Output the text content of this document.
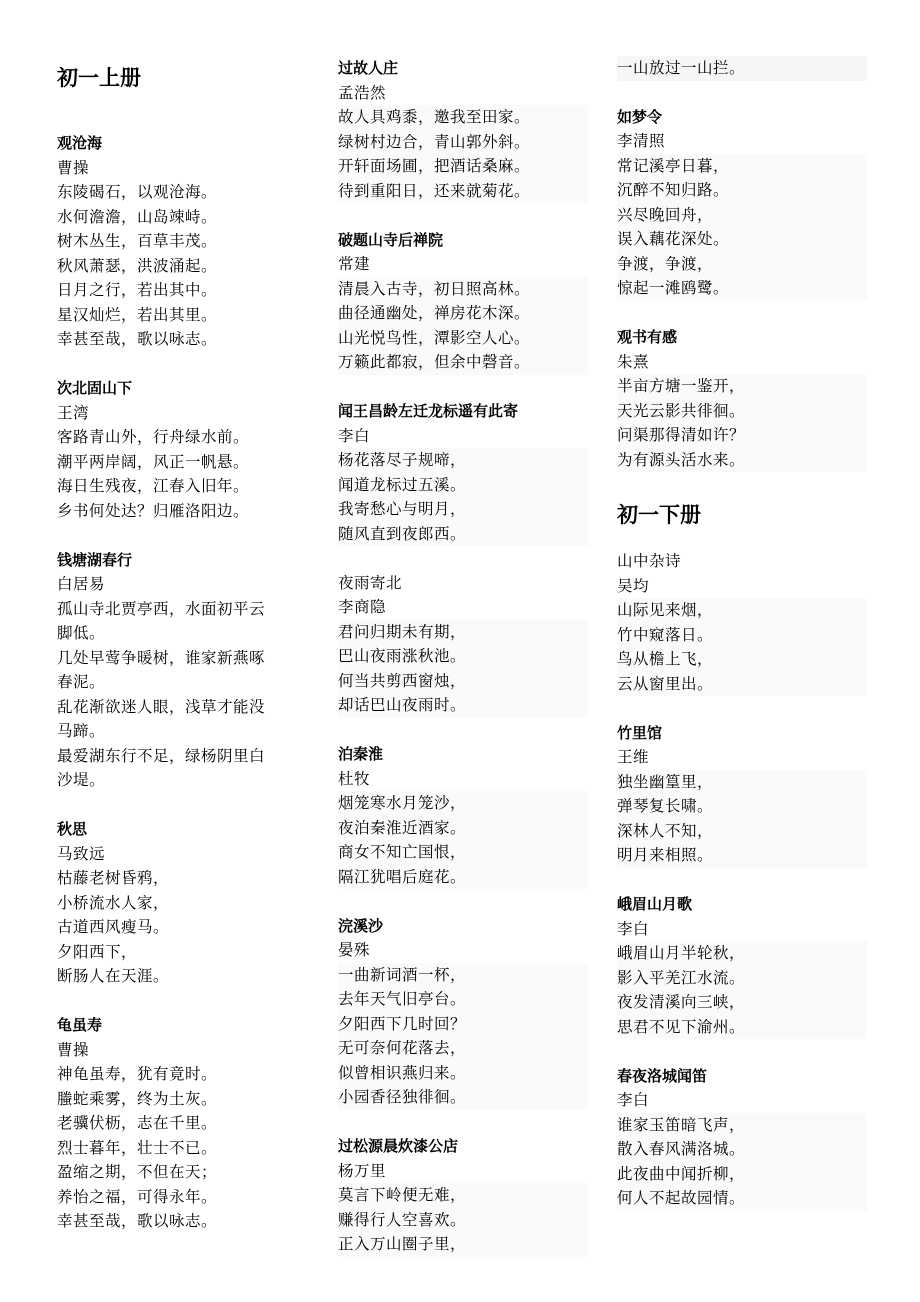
初一上册
观沧海
曹操
东陵碣石，以观沧海。
水何澹澹，山岛竦峙。
树木丛生，百草丰茂。
秋风萧瑟，洪波涌起。
日月之行，若出其中。
星汉灿烂，若出其里。
幸甚至哉，歌以咏志。
次北固山下
王湾
客路青山外，行舟绿水前。
潮平两岸阔，风正一帆悬。
海日生残夜，江春入旧年。
乡书何处达？归雁洛阳边。
钱塘湖春行
白居易
孤山寺北贾亭西，水面初平云
脚低。
几处早莺争暖树，谁家新燕啄
春泥。
乱花渐欲迷人眼，浅草才能没
马蹄。
最爱湖东行不足，绿杨阴里白
沙堤。
秋思
马致远
枯藤老树昏鸦，
小桥流水人家，
古道西风瘦马。
夕阳西下，
断肠人在天涯。
龟虽寿
曹操
神龟虽寿，犹有竟时。
螣蛇乘雾，终为土灰。
老骥伏枥，志在千里。
烈士暮年，壮士不已。
盈缩之期，不但在天；
养怡之福，可得永年。
幸甚至哉，歌以咏志。
过故人庄
孟浩然
故人具鸡黍，邀我至田家。
绿树村边合，青山郭外斜。
开轩面场圃，把酒话桑麻。
待到重阳日，还来就菊花。
破题山寺后禅院
常建
清晨入古寺，初日照高林。
曲径通幽处，禅房花木深。
山光悦鸟性，潭影空人心。
万籁此都寂，但余中磬音。
闻王昌龄左迁龙标遥有此寄
李白
杨花落尽子规啼，
闻道龙标过五溪。
我寄愁心与明月，
随风直到夜郎西。
夜雨寄北
李商隐
君问归期未有期，
巴山夜雨涨秋池。
何当共剪西窗烛，
却话巴山夜雨时。
泊秦淮
杜牧
烟笼寒水月笼沙，
夜泊秦淮近酒家。
商女不知亡国恨，
隔江犹唱后庭花。
浣溪沙
晏殊
一曲新词酒一杯，
去年天气旧亭台。
夕阳西下几时回？
无可奈何花落去，
似曾相识燕归来。
小园香径独徘徊。
过松源晨炊漆公店
杨万里
莫言下岭便无难，
赚得行人空喜欢。
正入万山圈子里，
一山放过一山拦。
如梦令
李清照
常记溪亭日暮，
沉醉不知归路。
兴尽晚回舟，
误入藕花深处。
争渡，争渡，
惊起一滩鸥鹭。
观书有感
朱熹
半亩方塘一鉴开，
天光云影共徘徊。
问渠那得清如许？
为有源头活水来。
初一下册
山中杂诗
吴均
山际见来烟，
竹中窥落日。
鸟从檐上飞，
云从窗里出。
竹里馆
王维
独坐幽篁里，
弹琴复长啸。
深林人不知，
明月来相照。
峨眉山月歌
李白
峨眉山月半轮秋，
影入平羌江水流。
夜发清溪向三峡，
思君不见下渝州。
春夜洛城闻笛
李白
谁家玉笛暗飞声，
散入春风满洛城。
此夜曲中闻折柳，
何人不起故园情。
